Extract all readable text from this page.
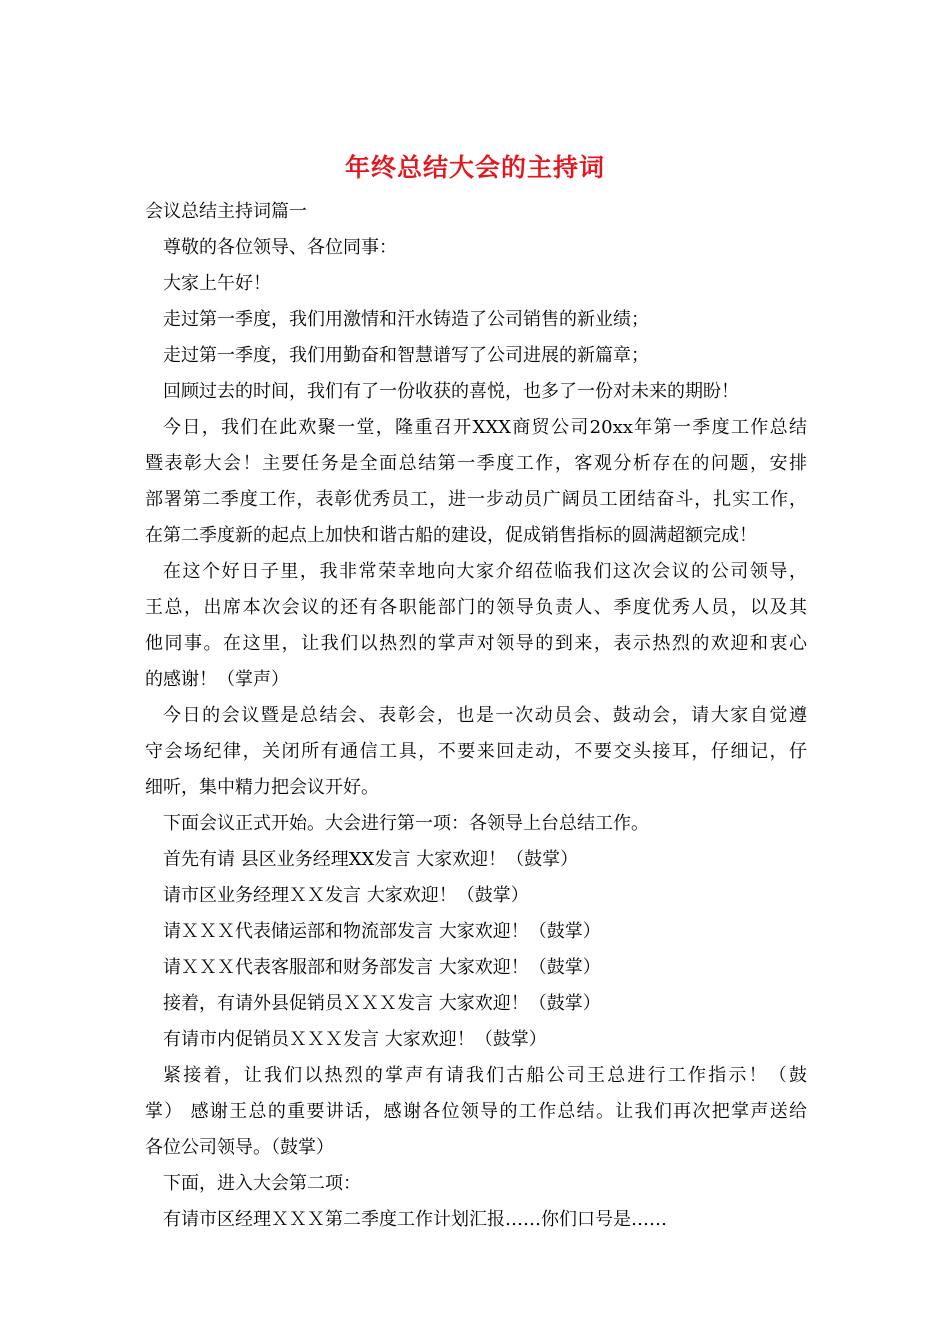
年终总结大会的主持词
会议总结主持词篇一
尊敬的各位领导、各位同事：
大家上午好！
走过第一季度，我们用激情和汗水铸造了公司销售的新业绩；
走过第一季度，我们用勤奋和智慧谱写了公司进展的新篇章；
回顾过去的时间，我们有了一份收获的喜悦，也多了一份对未来的期盼！
今日，我们在此欢聚一堂，隆重召开XXX商贸公司20xx年第一季度工作总结
暨表彰大会！主要任务是全面总结第一季度工作，客观分析存在的问题，安排
部署第二季度工作，表彰优秀员工，进一步动员广阔员工团结奋斗，扎实工作，
在第二季度新的起点上加快和谐古船的建设，促成销售指标的圆满超额完成！
在这个好日子里，我非常荣幸地向大家介绍莅临我们这次会议的公司领导，
王总，出席本次会议的还有各职能部门的领导负责人、季度优秀人员，以及其
他同事。在这里，让我们以热烈的掌声对领导的到来，表示热烈的欢迎和衷心
的感谢！（掌声）
今日的会议暨是总结会、表彰会，也是一次动员会、鼓动会，请大家自觉遵
守会场纪律，关闭所有通信工具，不要来回走动，不要交头接耳，仔细记，仔
细听，集中精力把会议开好。
下面会议正式开始。大会进行第一项：各领导上台总结工作。
首先有请 县区业务经理XX发言 大家欢迎！（鼓掌）
请市区业务经理ＸＸ发言 大家欢迎！（鼓掌）
请ＸＸＸ代表储运部和物流部发言 大家欢迎！（鼓掌）
请ＸＸＸ代表客服部和财务部发言 大家欢迎！（鼓掌）
接着，有请外县促销员ＸＸＸ发言 大家欢迎！（鼓掌）
有请市内促销员ＸＸＸ发言 大家欢迎！（鼓掌）
紧接着，让我们以热烈的掌声有请我们古船公司王总进行工作指示！（鼓
掌） 感谢王总的重要讲话，感谢各位领导的工作总结。让我们再次把掌声送给
各位公司领导。（鼓掌）
下面，进入大会第二项：
有请市区经理ＸＸＸ第二季度工作计划汇报……你们口号是……
